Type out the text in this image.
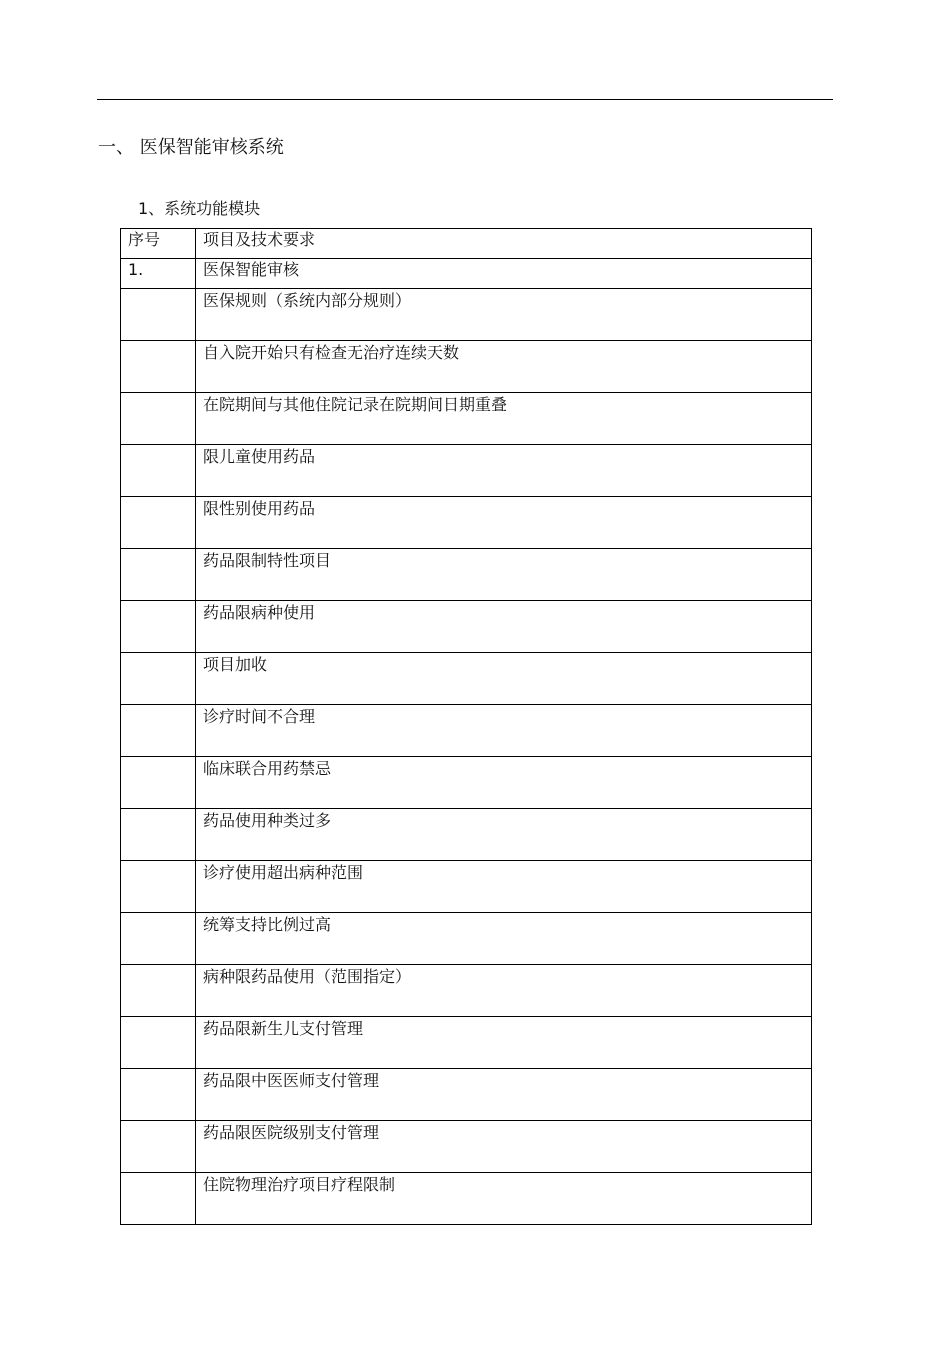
一、 医保智能审核系统
1、系统功能模块
序号	项目及技术要求
1.	医保智能审核
	医保规则（系统内部分规则）
	自入院开始只有检查无治疗连续天数
	在院期间与其他住院记录在院期间日期重叠
	限儿童使用药品
	限性别使用药品
	药品限制特性项目
	药品限病种使用
	项目加收
	诊疗时间不合理
	临床联合用药禁忌
	药品使用种类过多
	诊疗使用超出病种范围
	统筹支持比例过高
	病种限药品使用（范围指定）
	药品限新生儿支付管理
	药品限中医医师支付管理
	药品限医院级别支付管理
	住院物理治疗项目疗程限制
